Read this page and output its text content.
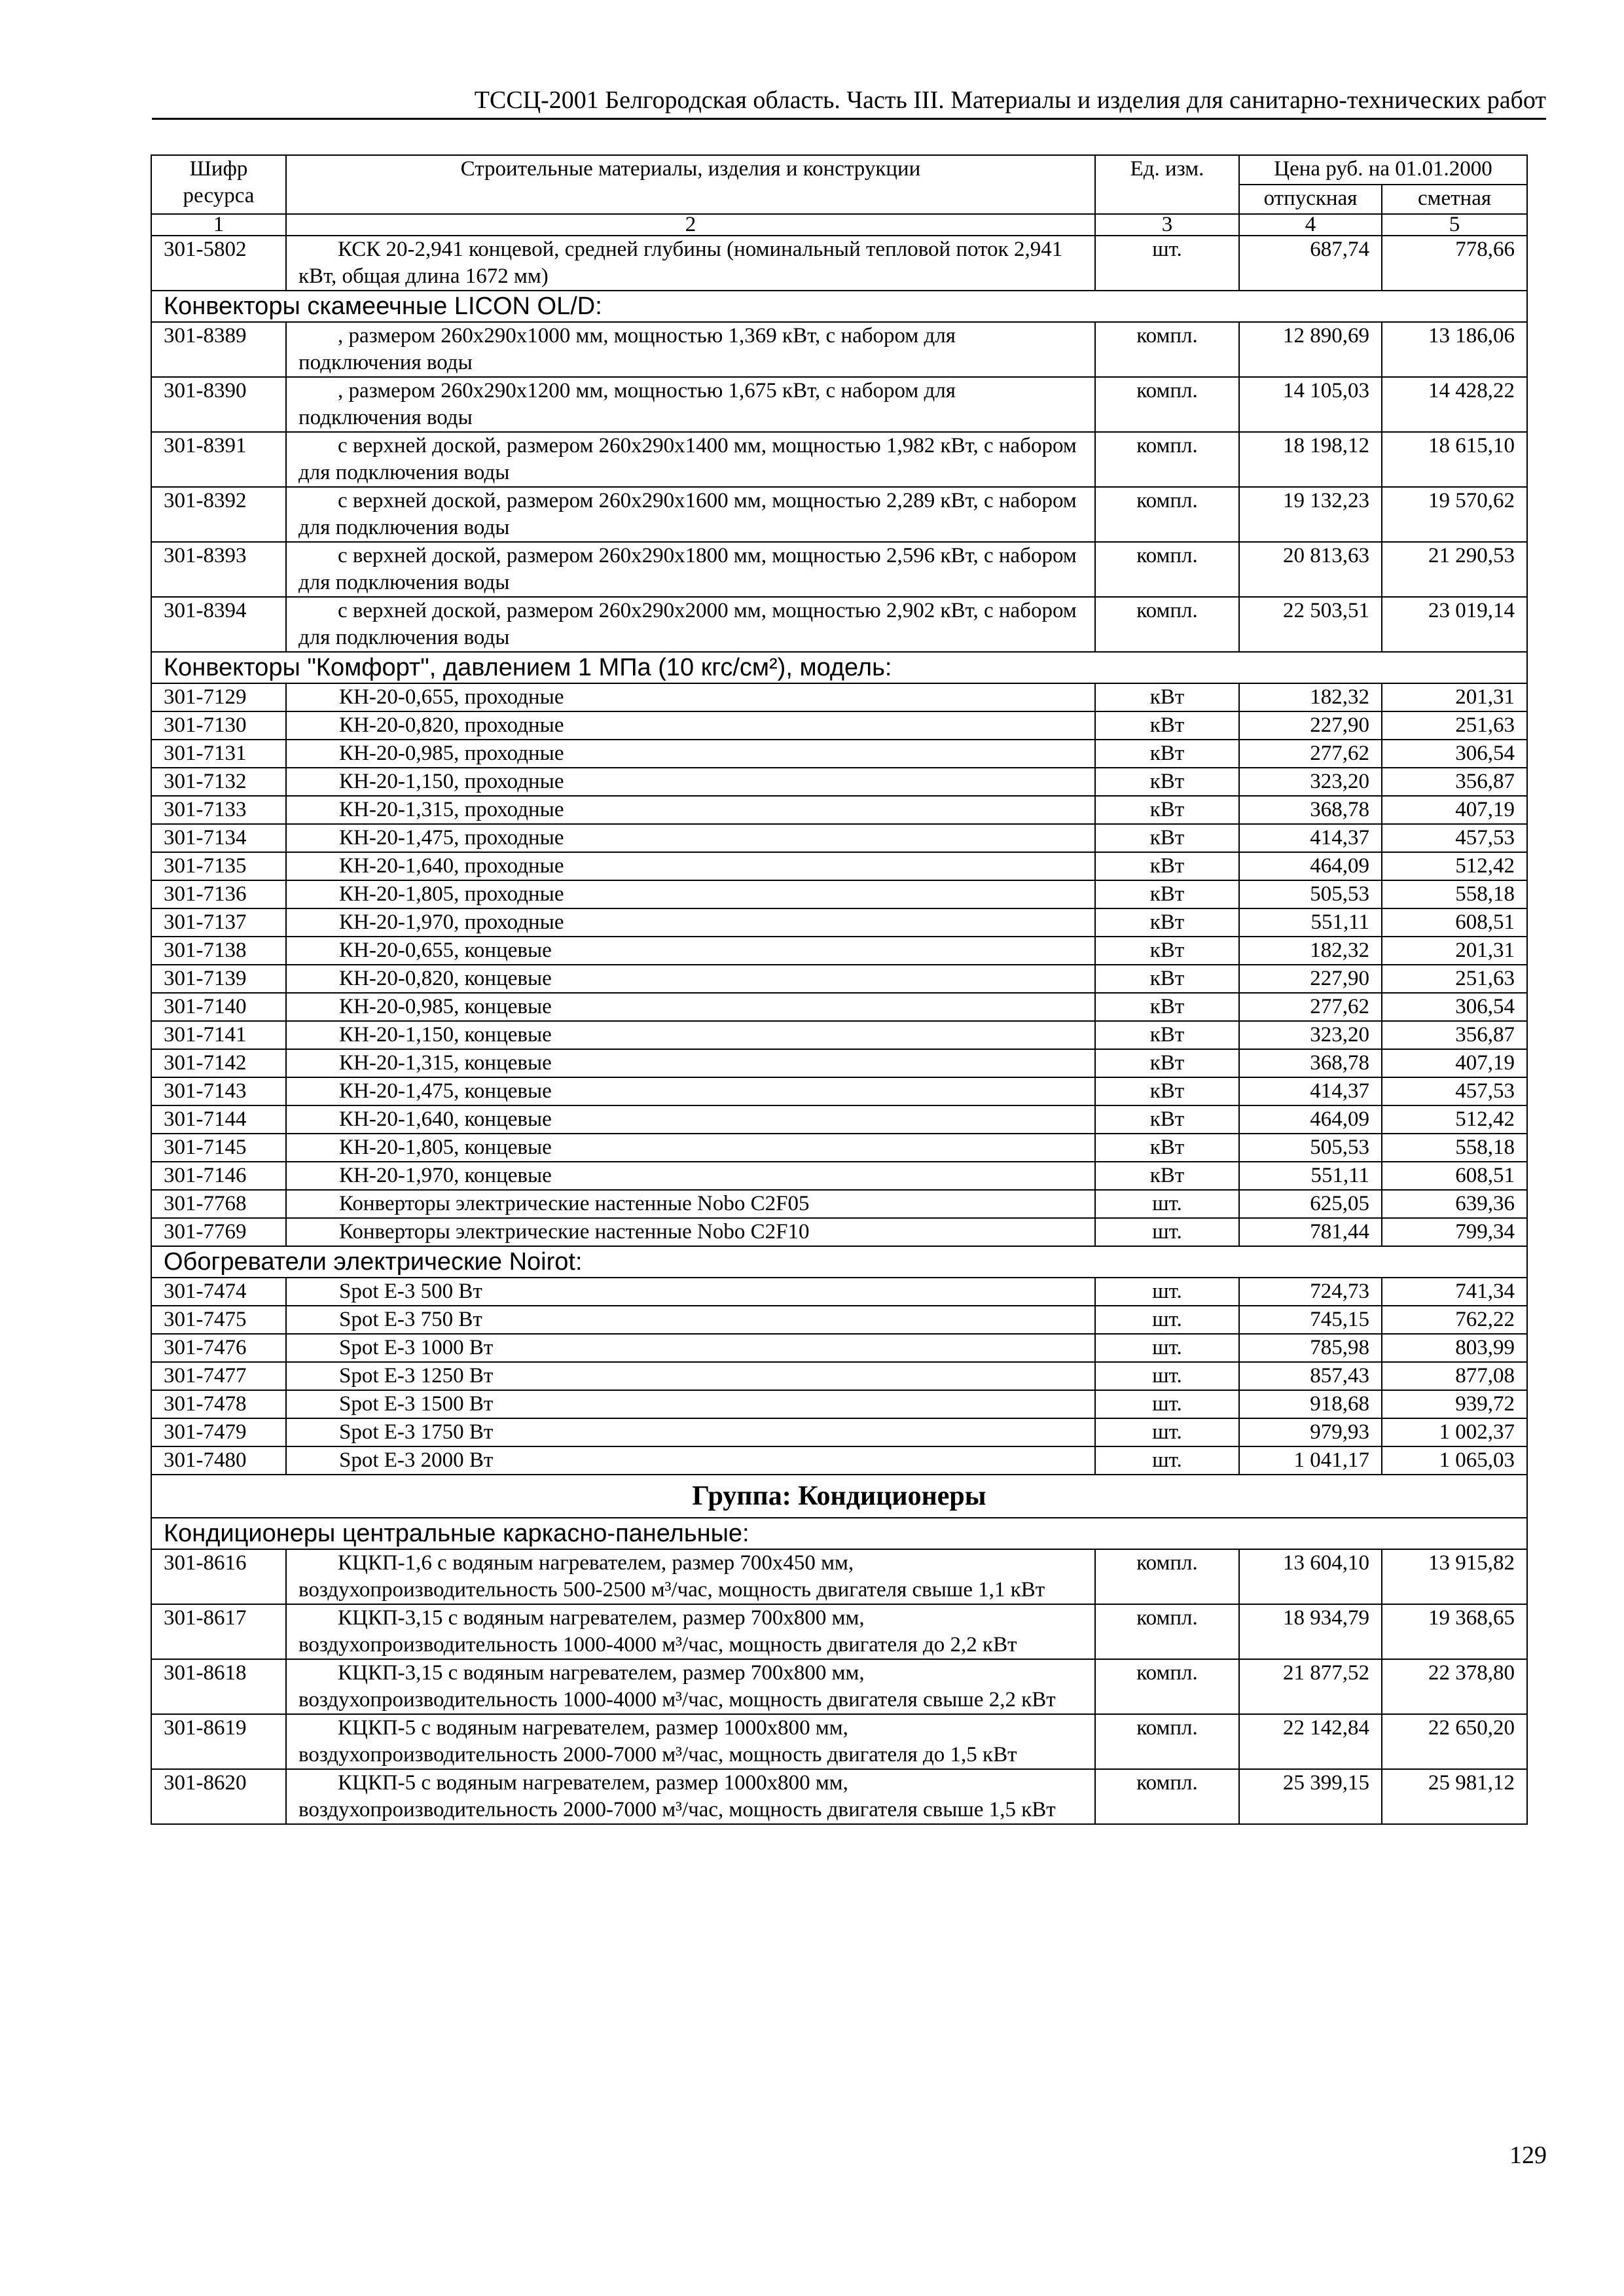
ТССЦ-2001 Белгородская область. Часть III. Материалы и изделия для санитарно-технических работ
Шифр ресурса	Строительные материалы, изделия и конструкции	Ед. изм.	Цена руб. на 01.01.2000	
			отпускная	сметная
1	2	3	4	5
301-5802	КСК 20-2,941 концевой, средней глубины (номинальный тепловой поток 2,941 кВт, общая длина 1672 мм)	шт.	687,74	778,66
Конвекторы скамеечные LICON OL/D:				
301-8389	, размером 260х290х1000 мм, мощностью 1,369 кВт, с набором для подключения воды	компл.	12 890,69	13 186,06
301-8390	, размером 260х290х1200 мм, мощностью 1,675 кВт, с набором для подключения воды	компл.	14 105,03	14 428,22
301-8391	с верхней доской, размером 260х290х1400 мм, мощностью 1,982 кВт, с набором для подключения воды	компл.	18 198,12	18 615,10
301-8392	с верхней доской, размером 260х290х1600 мм, мощностью 2,289 кВт, с набором для подключения воды	компл.	19 132,23	19 570,62
301-8393	с верхней доской, размером 260х290х1800 мм, мощностью 2,596 кВт, с набором для подключения воды	компл.	20 813,63	21 290,53
301-8394	с верхней доской, размером 260х290х2000 мм, мощностью 2,902 кВт, с набором для подключения воды	компл.	22 503,51	23 019,14
Конвекторы "Комфорт", давлением 1 МПа (10 кгс/см²), модель:				
301-7129	КН-20-0,655, проходные	кВт	182,32	201,31
301-7130	КН-20-0,820, проходные	кВт	227,90	251,63
301-7131	КН-20-0,985, проходные	кВт	277,62	306,54
301-7132	КН-20-1,150, проходные	кВт	323,20	356,87
301-7133	КН-20-1,315, проходные	кВт	368,78	407,19
301-7134	КН-20-1,475, проходные	кВт	414,37	457,53
301-7135	КН-20-1,640, проходные	кВт	464,09	512,42
301-7136	КН-20-1,805, проходные	кВт	505,53	558,18
301-7137	КН-20-1,970, проходные	кВт	551,11	608,51
301-7138	КН-20-0,655, концевые	кВт	182,32	201,31
301-7139	КН-20-0,820, концевые	кВт	227,90	251,63
301-7140	КН-20-0,985, концевые	кВт	277,62	306,54
301-7141	КН-20-1,150, концевые	кВт	323,20	356,87
301-7142	КН-20-1,315, концевые	кВт	368,78	407,19
301-7143	КН-20-1,475, концевые	кВт	414,37	457,53
301-7144	КН-20-1,640, концевые	кВт	464,09	512,42
301-7145	КН-20-1,805, концевые	кВт	505,53	558,18
301-7146	КН-20-1,970, концевые	кВт	551,11	608,51
301-7768	Конверторы электрические настенные Nobo C2F05	шт.	625,05	639,36
301-7769	Конверторы электрические настенные Nobo C2F10	шт.	781,44	799,34
Обогреватели электрические Noirot:				
301-7474	Spot E-3 500 Вт	шт.	724,73	741,34
301-7475	Spot E-3 750 Вт	шт.	745,15	762,22
301-7476	Spot E-3 1000 Вт	шт.	785,98	803,99
301-7477	Spot E-3 1250 Вт	шт.	857,43	877,08
301-7478	Spot E-3 1500 Вт	шт.	918,68	939,72
301-7479	Spot E-3 1750 Вт	шт.	979,93	1 002,37
301-7480	Spot E-3 2000 Вт	шт.	1 041,17	1 065,03
Группа: Кондиционеры				
Кондиционеры центральные каркасно-панельные:				
301-8616	КЦКП-1,6 с водяным нагревателем, размер 700х450 мм, воздухопроизводительность 500-2500 м³/час, мощность двигателя свыше 1,1 кВт	компл.	13 604,10	13 915,82
301-8617	КЦКП-3,15 с водяным нагревателем, размер 700х800 мм, воздухопроизводительность 1000-4000 м³/час, мощность двигателя до 2,2 кВт	компл.	18 934,79	19 368,65
301-8618	КЦКП-3,15 с водяным нагревателем, размер 700х800 мм, воздухопроизводительность 1000-4000 м³/час, мощность двигателя свыше 2,2 кВт	компл.	21 877,52	22 378,80
301-8619	КЦКП-5 с водяным нагревателем, размер 1000х800 мм, воздухопроизводительность 2000-7000 м³/час, мощность двигателя до 1,5 кВт	компл.	22 142,84	22 650,20
301-8620	КЦКП-5 с водяным нагревателем, размер 1000х800 мм, воздухопроизводительность 2000-7000 м³/час, мощность двигателя свыше 1,5 кВт	компл.	25 399,15	25 981,12
129
